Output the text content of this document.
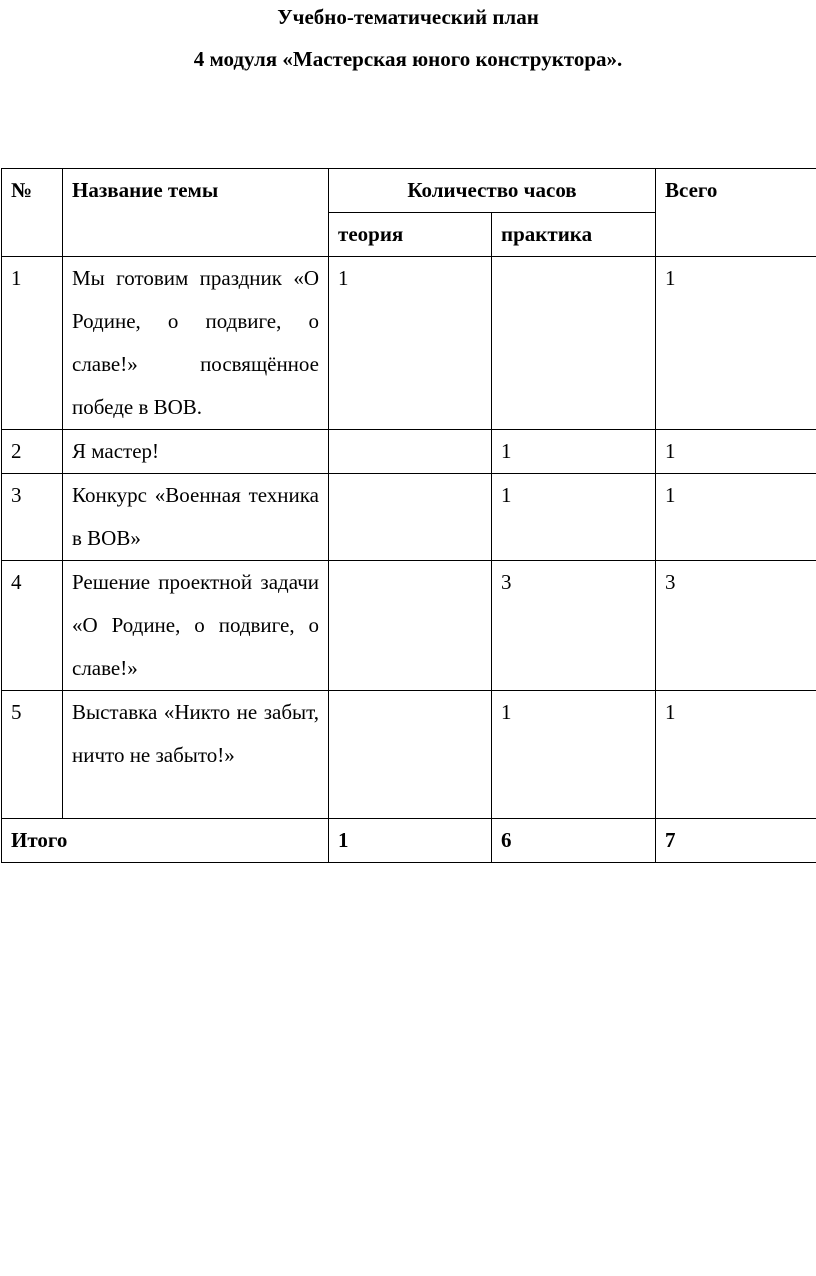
Учебно-тематический план

4 модуля «Мастерская юного конструктора».

№	Название темы	Количество часов		Всего
		теория	практика	
1	Мы готовим праздник «О Родине, о подвиге, о славе!» посвящённое победе в ВОВ.	1		1
2	Я мастер!		1	1
3	Конкурс «Военная техника в ВОВ»		1	1
4	Решение проектной задачи «О Родине, о подвиге, о славе!»		3	3
5	Выставка «Никто не забыт, ничто не забыто!»		1	1
Итого		1	6	7
